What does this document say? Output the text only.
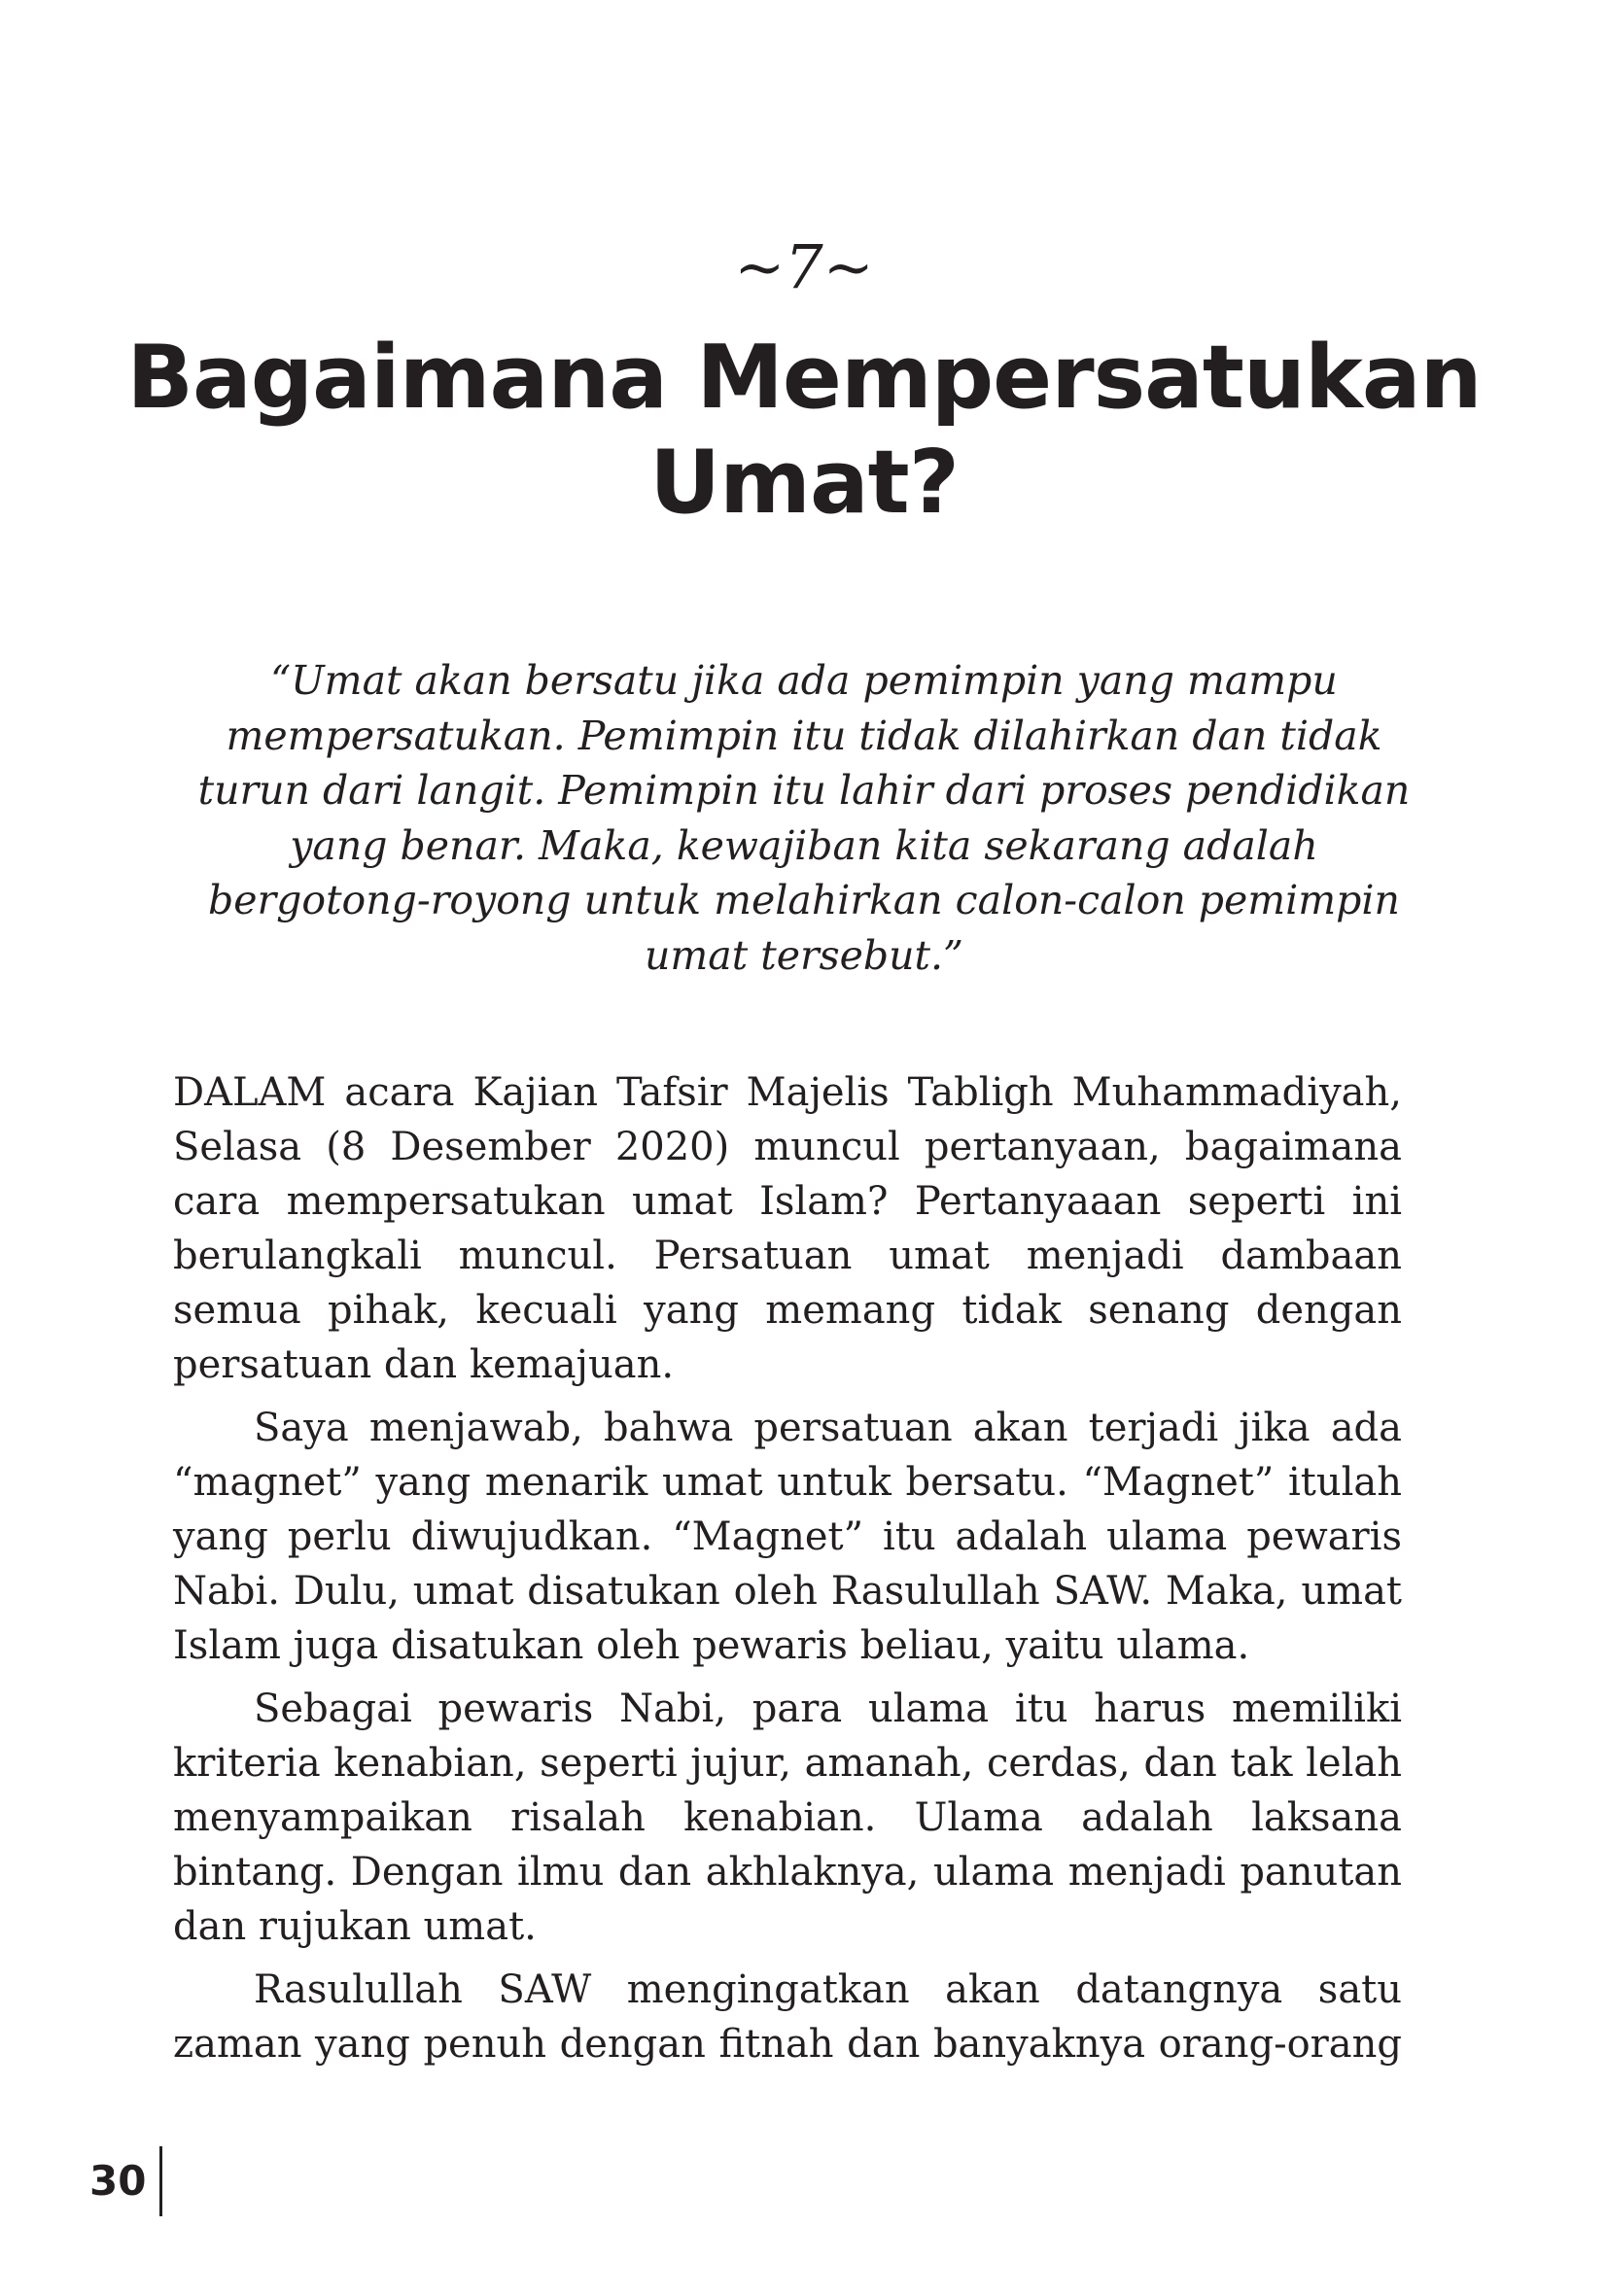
~7~
Bagaimana Mempersatukan Umat?

“Umat akan bersatu jika ada pemimpin yang mampu mempersatukan. Pemimpin itu tidak dilahirkan dan tidak turun dari langit. Pemimpin itu lahir dari proses pendidikan yang benar. Maka, kewajiban kita sekarang adalah bergotong-royong untuk melahirkan calon-calon pemimpin umat tersebut.”

DALAM acara Kajian Tafsir Majelis Tabligh Muhammadiyah, Selasa (8 Desember 2020) muncul pertanyaan, bagaimana cara mempersatukan umat Islam? Pertanyaaan seperti ini berulangkali muncul. Persatuan umat menjadi dambaan semua pihak, kecuali yang memang tidak senang dengan persatuan dan kemajuan.

Saya menjawab, bahwa persatuan akan terjadi jika ada “magnet” yang menarik umat untuk bersatu. “Magnet” itulah yang perlu diwujudkan. “Magnet” itu adalah ulama pewaris Nabi. Dulu, umat disatukan oleh Rasulullah SAW. Maka, umat Islam juga disatukan oleh pewaris beliau, yaitu ulama.

Sebagai pewaris Nabi, para ulama itu harus memiliki kriteria kenabian, seperti jujur, amanah, cerdas, dan tak lelah menyampaikan risalah kenabian. Ulama adalah laksana bintang. Dengan ilmu dan akhlaknya, ulama menjadi panutan dan rujukan umat.

Rasulullah SAW mengingatkan akan datangnya satu zaman yang penuh dengan fitnah dan banyaknya orang-orang

30
